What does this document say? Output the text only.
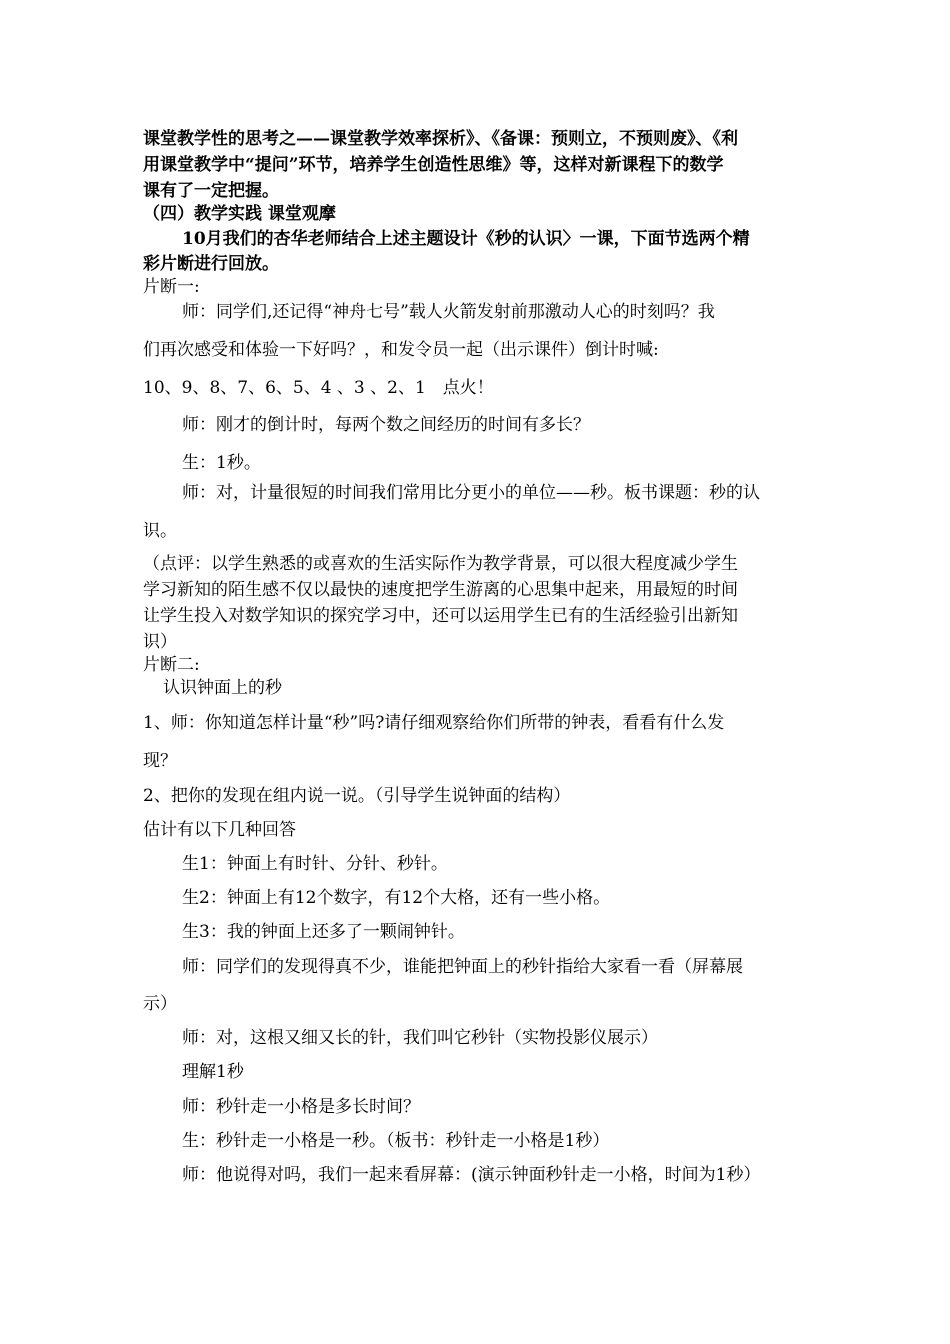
课堂教学性的思考之——课堂教学效率探析》、《备课：预则立，不预则废》、《利
用课堂教学中“提问”环节，培养学生创造性思维》等，这样对新课程下的数学
课有了一定把握。
（四）教学实践 课堂观摩
10月我们的杏华老师结合上述主题设计《秒的认识〉一课，下面节选两个精
彩片断进行回放。
片断一:
师：同学们,还记得“神舟七号”载人火箭发射前那激动人心的时刻吗？我
们再次感受和体验一下好吗？，和发令员一起（出示课件）倒计时喊:
10、9、8、7、6、5、4 、3 、2、1　点火！
师：刚才的倒计时，每两个数之间经历的时间有多长？
生：1秒。
师：对，计量很短的时间我们常用比分更小的单位——秒。板书课题：秒的认
识。
（点评：以学生熟悉的或喜欢的生活实际作为教学背景，可以很大程度减少学生
学习新知的陌生感不仅以最快的速度把学生游离的心思集中起来，用最短的时间
让学生投入对数学知识的探究学习中，还可以运用学生已有的生活经验引出新知
识）
片断二:
认识钟面上的秒
1、师：你知道怎样计量“秒”吗?请仔细观察给你们所带的钟表，看看有什么发
现？
2、把你的发现在组内说一说。（引导学生说钟面的结构）
估计有以下几种回答
生1：钟面上有时针、分针、秒针。
生2：钟面上有12个数字，有12个大格，还有一些小格。
生3：我的钟面上还多了一颗闹钟针。
师：同学们的发现得真不少，谁能把钟面上的秒针指给大家看一看（屏幕展
示）
师：对，这根又细又长的针，我们叫它秒针（实物投影仪展示）
理解1秒
师：秒针走一小格是多长时间？
生：秒针走一小格是一秒。（板书：秒针走一小格是1秒）
师：他说得对吗，我们一起来看屏幕：(演示钟面秒针走一小格，时间为1秒）
